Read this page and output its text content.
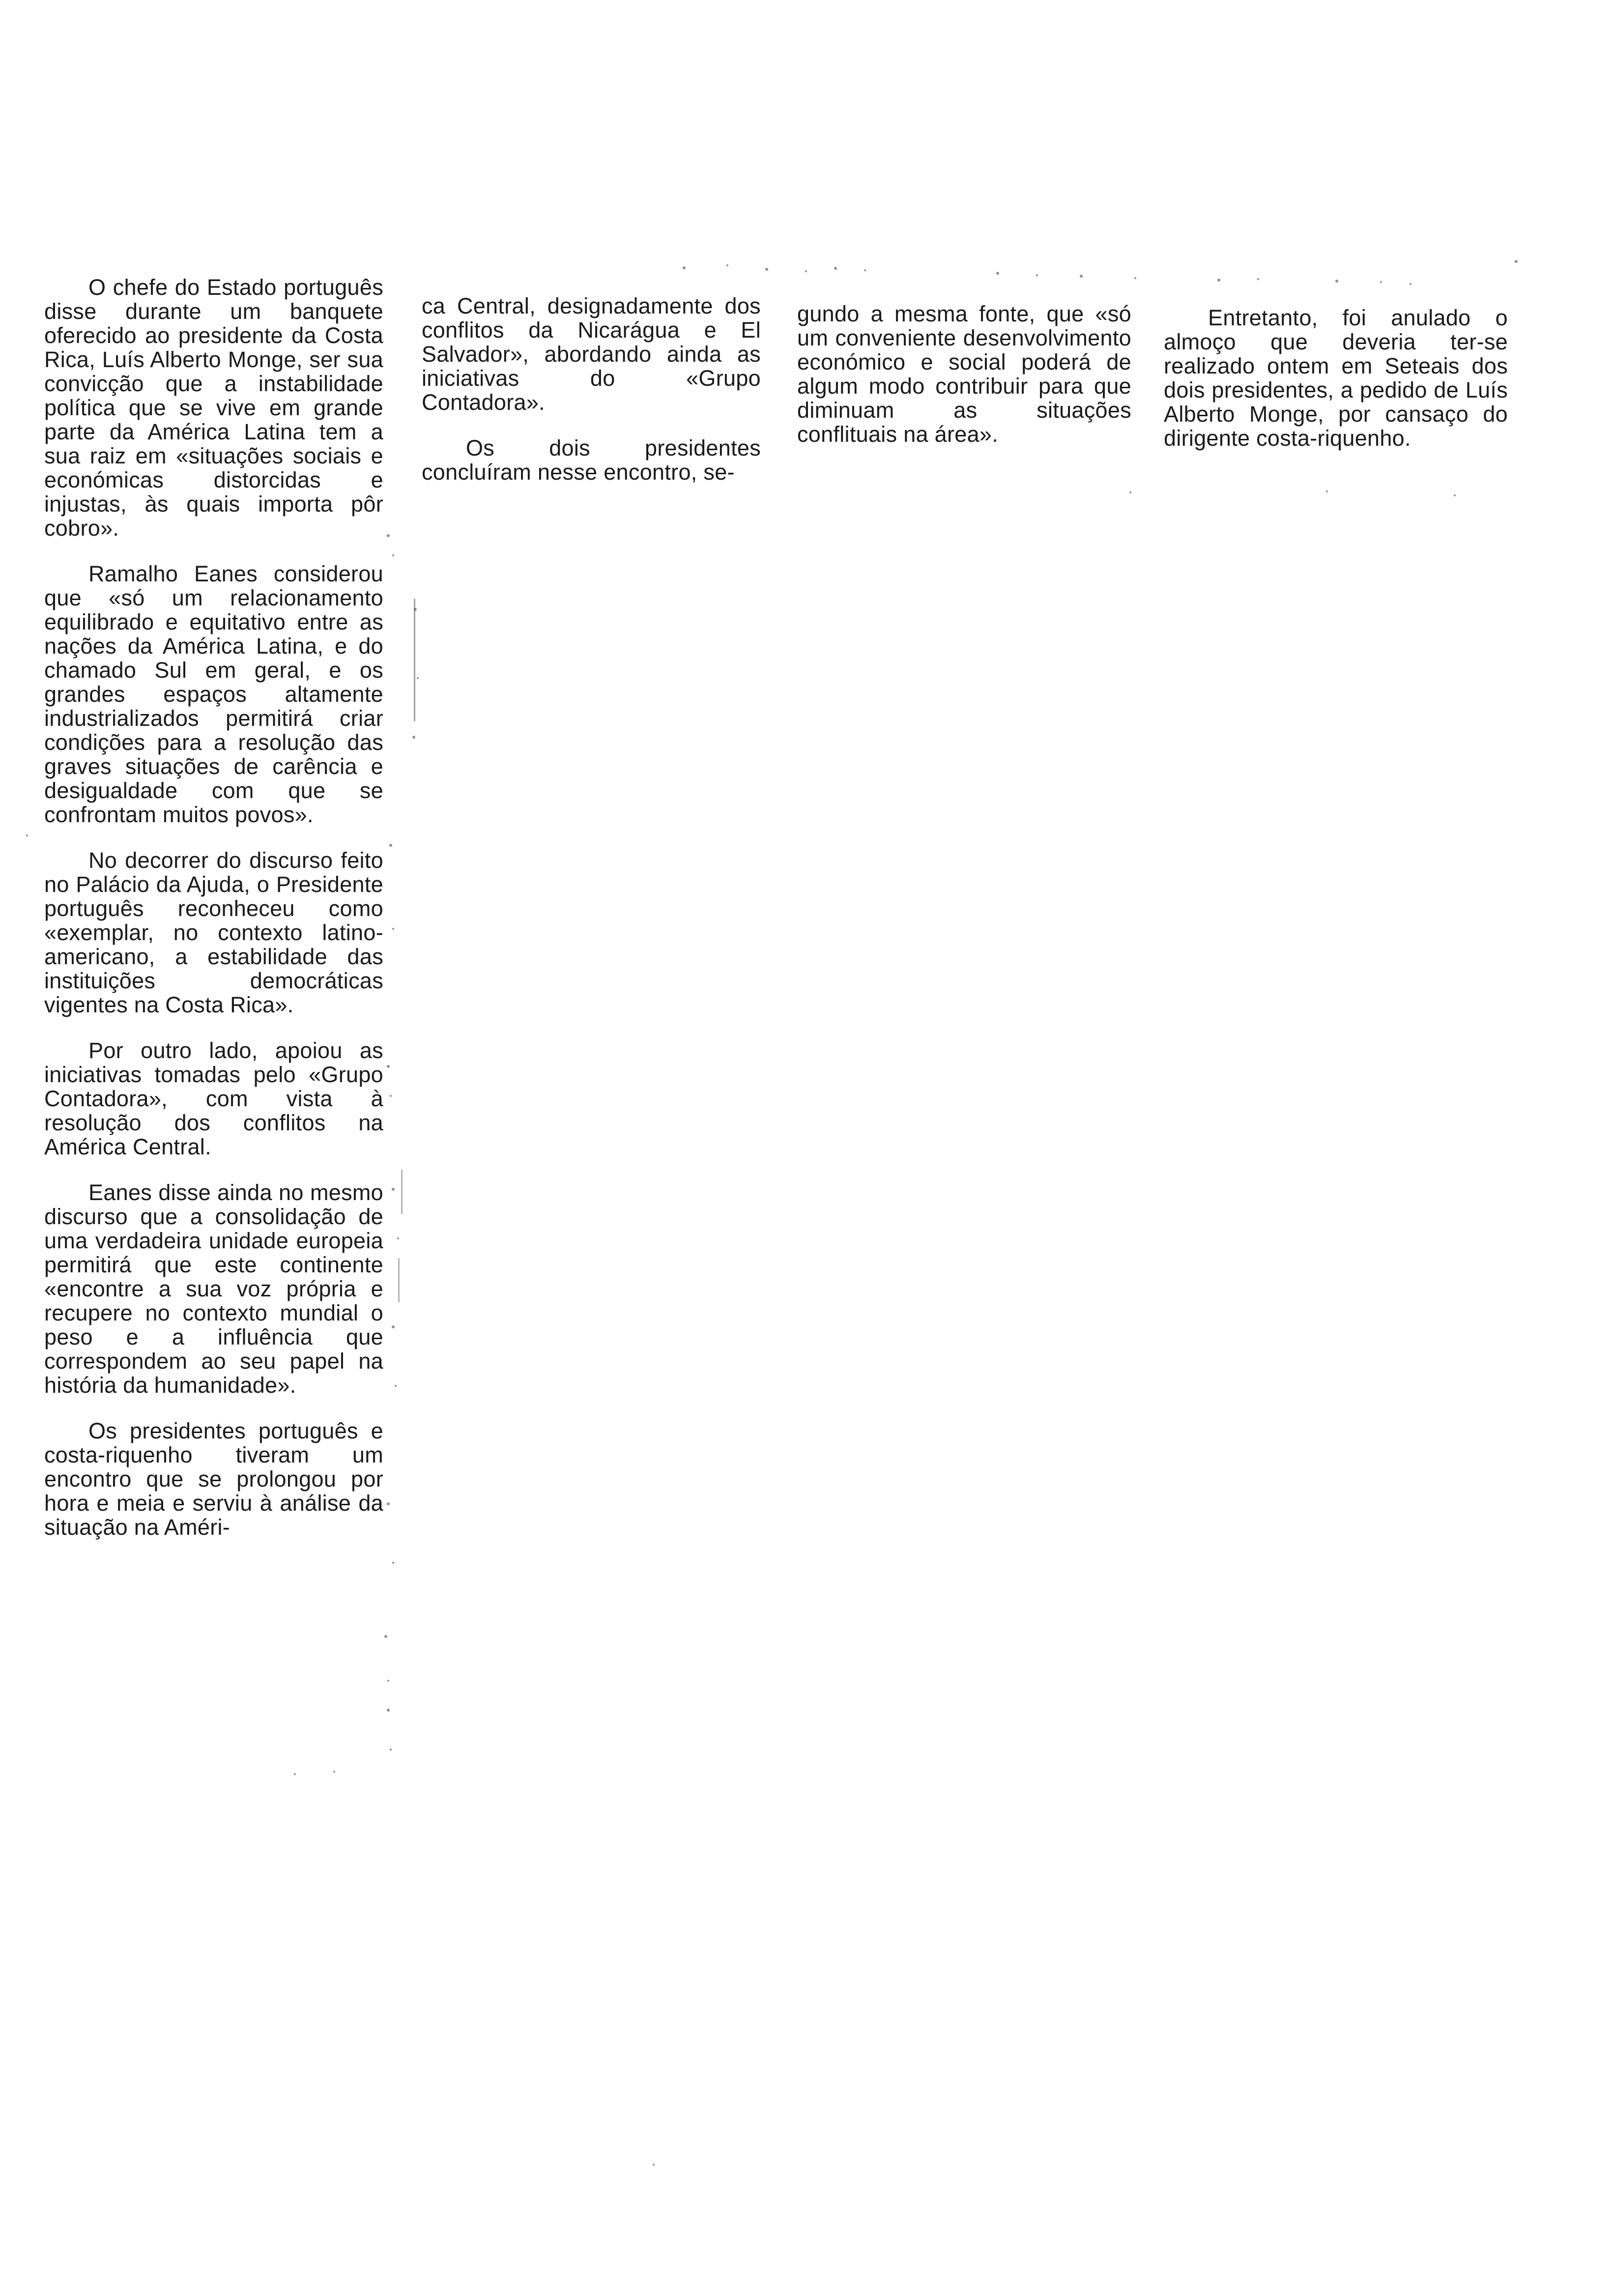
O chefe do Estado português disse durante um banquete oferecido ao presidente da Costa Rica, Luís Alberto Monge, ser sua convicção que a instabilidade política que se vive em grande parte da América Latina tem a sua raiz em «situações sociais e económicas distorcidas e injustas, às quais importa pôr cobro».

Ramalho Eanes considerou que «só um relacionamento equilibrado e equitativo entre as nações da América Latina, e do chamado Sul em geral, e os grandes espaços altamente industrializados permitirá criar condições para a resolução das graves situações de carência e desigualdade com que se confrontam muitos povos».

No decorrer do discurso feito no Palácio da Ajuda, o Presidente português reconheceu como «exemplar, no contexto latino-americano, a estabilidade das instituições democráticas vigentes na Costa Rica».

Por outro lado, apoiou as iniciativas tomadas pelo «Grupo Contadora», com vista à resolução dos conflitos na América Central.

Eanes disse ainda no mesmo discurso que a consolidação de uma verdadeira unidade europeia permitirá que este continente «encontre a sua voz própria e recupere no contexto mundial o peso e a influência que correspondem ao seu papel na história da humanidade».

Os presidentes português e costa-riquenho tiveram um encontro que se prolongou por hora e meia e serviu à análise da situação na Améri-

ca Central, designadamente dos conflitos da Nicarágua e El Salvador», abordando ainda as iniciativas do «Grupo Contadora».

Os dois presidentes concluíram nesse encontro, se-

gundo a mesma fonte, que «só um conveniente desenvolvimento económico e social poderá de algum modo contribuir para que diminuam as situações conflituais na área».

Entretanto, foi anulado o almoço que deveria ter-se realizado ontem em Seteais dos dois presidentes, a pedido de Luís Alberto Monge, por cansaço do dirigente costa-riquenho.
